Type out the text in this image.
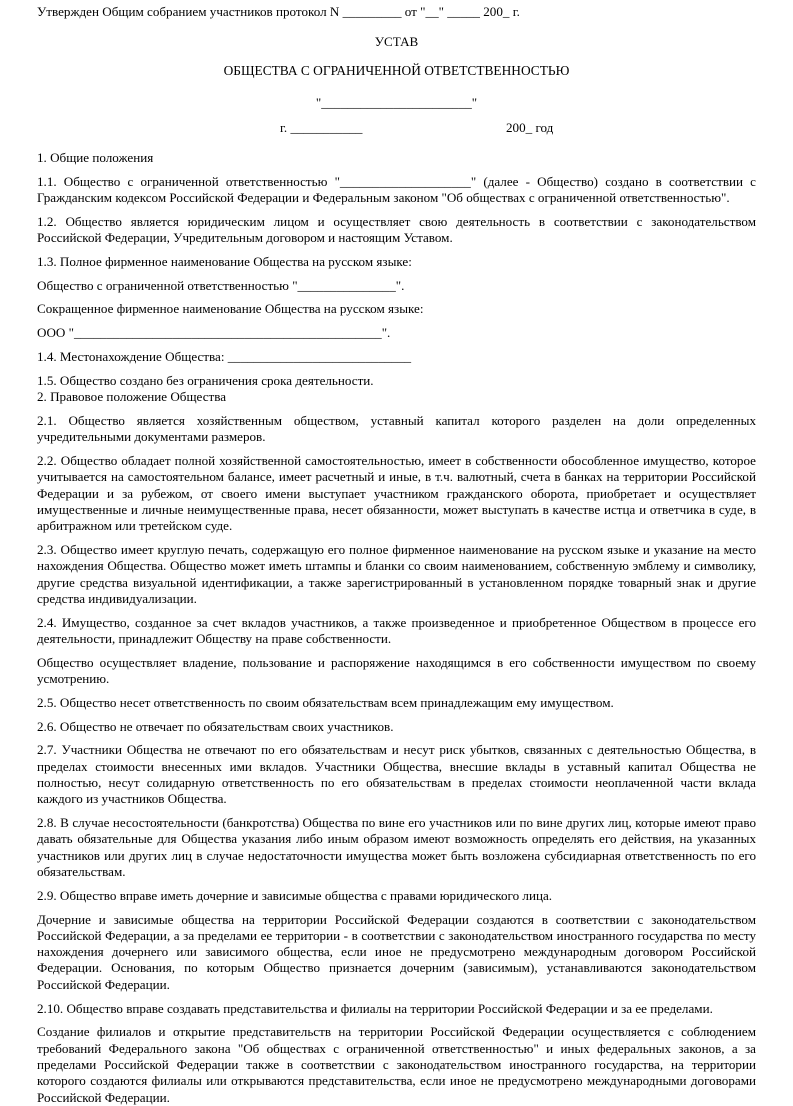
Утвержден Общим собранием участников протокол N _________ от "__" _____ 200_ г.
УСТАВ
ОБЩЕСТВА С ОГРАНИЧЕННОЙ ОТВЕТСТВЕННОСТЬЮ
"_______________________"
г. ___________	200_ год
1. Общие положения

1.1. Общество с ограниченной ответственностью "____________________" (далее - Общество) создано в соответствии с Гражданским кодексом Российской Федерации и Федеральным законом "Об обществах с ограниченной ответственностью".

1.2. Общество является юридическим лицом и осуществляет свою деятельность в соответствии с законодательством Российской Федерации, Учредительным договором и настоящим Уставом.

1.3. Полное фирменное наименование Общества на русском языке:

Общество с ограниченной ответственностью "_______________".

Сокращенное фирменное наименование Общества на русском языке:

ООО "_______________________________________________".

1.4. Местонахождение Общества: ____________________________

1.5. Общество создано без ограничения срока деятельности.

2. Правовое положение Общества

2.1. Общество является хозяйственным обществом, уставный капитал которого разделен на доли определенных учредительными документами размеров.

2.2. Общество обладает полной хозяйственной самостоятельностью, имеет в собственности обособленное имущество, которое учитывается на самостоятельном балансе, имеет расчетный и иные, в т.ч. валютный, счета в банках на территории Российской Федерации и за рубежом, от своего имени выступает участником гражданского оборота, приобретает и осуществляет имущественные и личные неимущественные права, несет обязанности, может выступать в качестве истца и ответчика в суде, в арбитражном или третейском суде.

2.3. Общество имеет круглую печать, содержащую его полное фирменное наименование на русском языке и указание на место нахождения Общества. Общество может иметь штампы и бланки со своим наименованием, собственную эмблему и символику, другие средства визуальной идентификации, а также зарегистрированный в установленном порядке товарный знак и другие средства индивидуализации.

2.4. Имущество, созданное за счет вкладов участников, а также произведенное и приобретенное Обществом в процессе его деятельности, принадлежит Обществу на праве собственности.

Общество осуществляет владение, пользование и распоряжение находящимся в его собственности имуществом по своему усмотрению.

2.5. Общество несет ответственность по своим обязательствам всем принадлежащим ему имуществом.

2.6. Общество не отвечает по обязательствам своих участников.

2.7. Участники Общества не отвечают по его обязательствам и несут риск убытков, связанных с деятельностью Общества, в пределах стоимости внесенных ими вкладов. Участники Общества, внесшие вклады в уставный капитал Общества не полностью, несут солидарную ответственность по его обязательствам в пределах стоимости неоплаченной части вклада каждого из участников Общества.

2.8. В случае несостоятельности (банкротства) Общества по вине его участников или по вине других лиц, которые имеют право давать обязательные для Общества указания либо иным образом имеют возможность определять его действия, на указанных участников или других лиц в случае недостаточности имущества может быть возложена субсидиарная ответственность по его обязательствам.

2.9. Общество вправе иметь дочерние и зависимые общества с правами юридического лица.

Дочерние и зависимые общества на территории Российской Федерации создаются в соответствии с законодательством Российской Федерации, а за пределами ее территории - в соответствии с законодательством иностранного государства по месту нахождения дочернего или зависимого общества, если иное не предусмотрено международным договором Российской Федерации. Основания, по которым Общество признается дочерним (зависимым), устанавливаются законодательством Российской Федерации.

2.10. Общество вправе создавать представительства и филиалы на территории Российской Федерации и за ее пределами.

Создание филиалов и открытие представительств на территории Российской Федерации осуществляется с соблюдением требований Федерального закона "Об обществах с ограниченной ответственностью" и иных федеральных законов, а за пределами Российской Федерации также в соответствии с законодательством иностранного государства, на территории которого создаются филиалы или открываются представительства, если иное не предусмотрено международными договорами Российской Федерации.
